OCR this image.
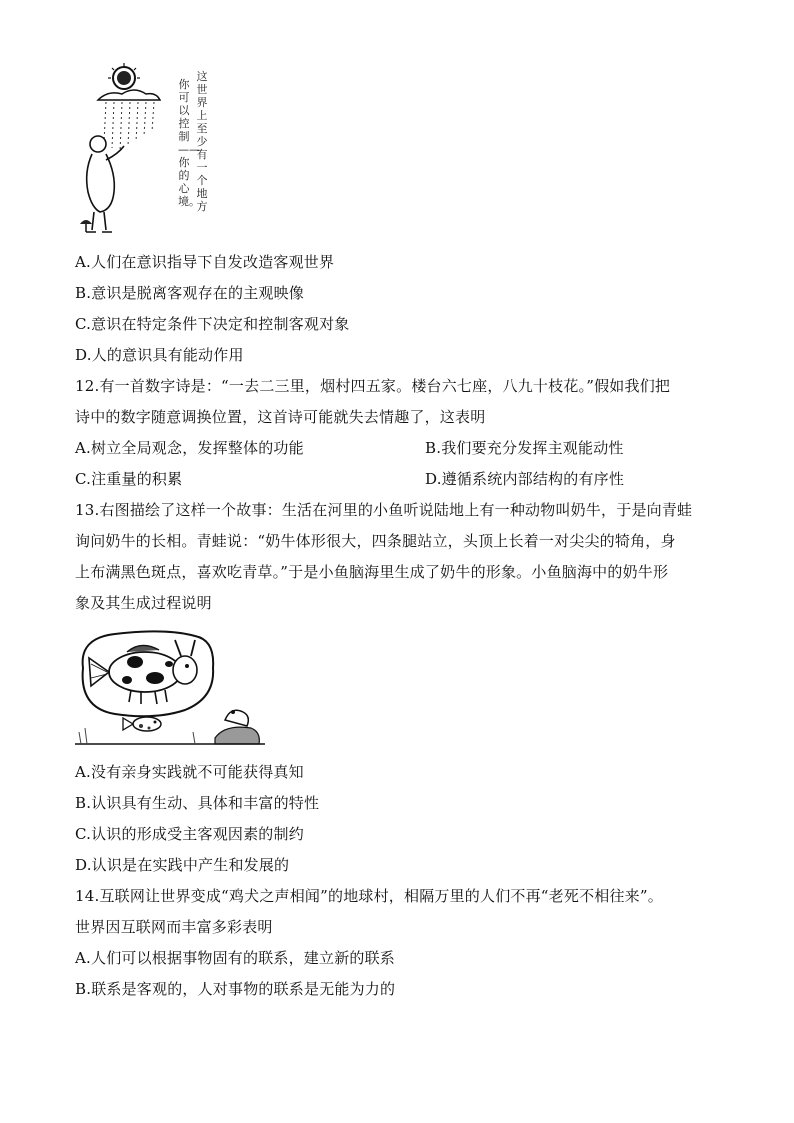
这世界上至少有一个地方
你可以控制——你的心境。
A.人们在意识指导下自发改造客观世界
B.意识是脱离客观存在的主观映像
C.意识在特定条件下决定和控制客观对象
D.人的意识具有能动作用
12.有一首数字诗是：“一去二三里，烟村四五家。楼台六七座，八九十枝花。”假如我们把
诗中的数字随意调换位置，这首诗可能就失去情趣了，这表明
A.树立全局观念，发挥整体的功能	B.我们要充分发挥主观能动性
C.注重量的积累	D.遵循系统内部结构的有序性
13.右图描绘了这样一个故事：生活在河里的小鱼听说陆地上有一种动物叫奶牛，于是向青蛙
询问奶牛的长相。青蛙说：“奶牛体形很大，四条腿站立，头顶上长着一对尖尖的犄角，身
上布满黑色斑点，喜欢吃青草。”于是小鱼脑海里生成了奶牛的形象。小鱼脑海中的奶牛形
象及其生成过程说明
A.没有亲身实践就不可能获得真知
B.认识具有生动、具体和丰富的特性
C.认识的形成受主客观因素的制约
D.认识是在实践中产生和发展的
14.互联网让世界变成“鸡犬之声相闻”的地球村，相隔万里的人们不再“老死不相往来”。
世界因互联网而丰富多彩表明
A.人们可以根据事物固有的联系，建立新的联系
B.联系是客观的，人对事物的联系是无能为力的
